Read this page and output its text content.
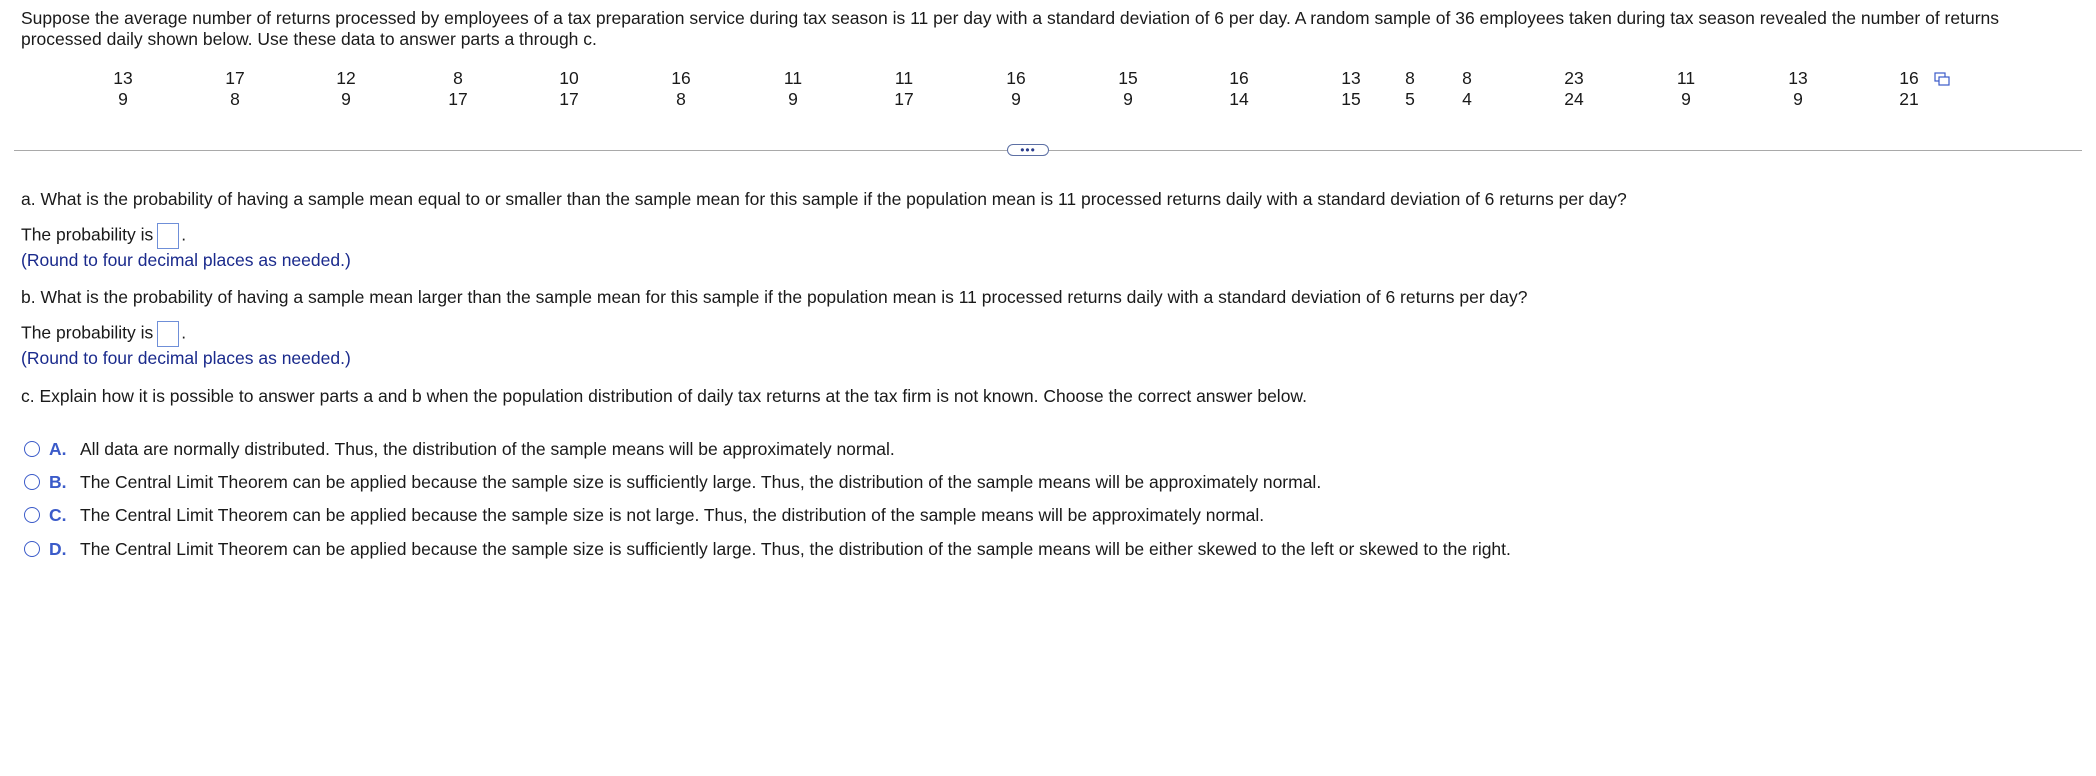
Suppose the average number of returns processed by employees of a tax preparation service during tax season is 11 per day with a standard deviation of 6 per day. A random sample of 36 employees taken during tax season revealed the number of returns processed daily shown below. Use these data to answer parts a through c.

13
9
17
8
12
9
8
17
10
17
16
8
11
9
11
17
16
9
15
9
16
14
13
15
8
5
8
4
23
24
11
9
13
9
16
21
•••
a. What is the probability of having a sample mean equal to or smaller than the sample mean for this sample if the population mean is 11 processed returns daily with a standard deviation of 6 returns per day?
The probability is .
(Round to four decimal places as needed.)
b. What is the probability of having a sample mean larger than the sample mean for this sample if the population mean is 11 processed returns daily with a standard deviation of 6 returns per day?
The probability is .
(Round to four decimal places as needed.)
c. Explain how it is possible to answer parts a and b when the population distribution of daily tax returns at the tax firm is not known. Choose the correct answer below.
A. All data are normally distributed. Thus, the distribution of the sample means will be approximately normal.
B. The Central Limit Theorem can be applied because the sample size is sufficiently large. Thus, the distribution of the sample means will be approximately normal.
C. The Central Limit Theorem can be applied because the sample size is not large. Thus, the distribution of the sample means will be approximately normal.
D. The Central Limit Theorem can be applied because the sample size is sufficiently large. Thus, the distribution of the sample means will be either skewed to the left or skewed to the right.
